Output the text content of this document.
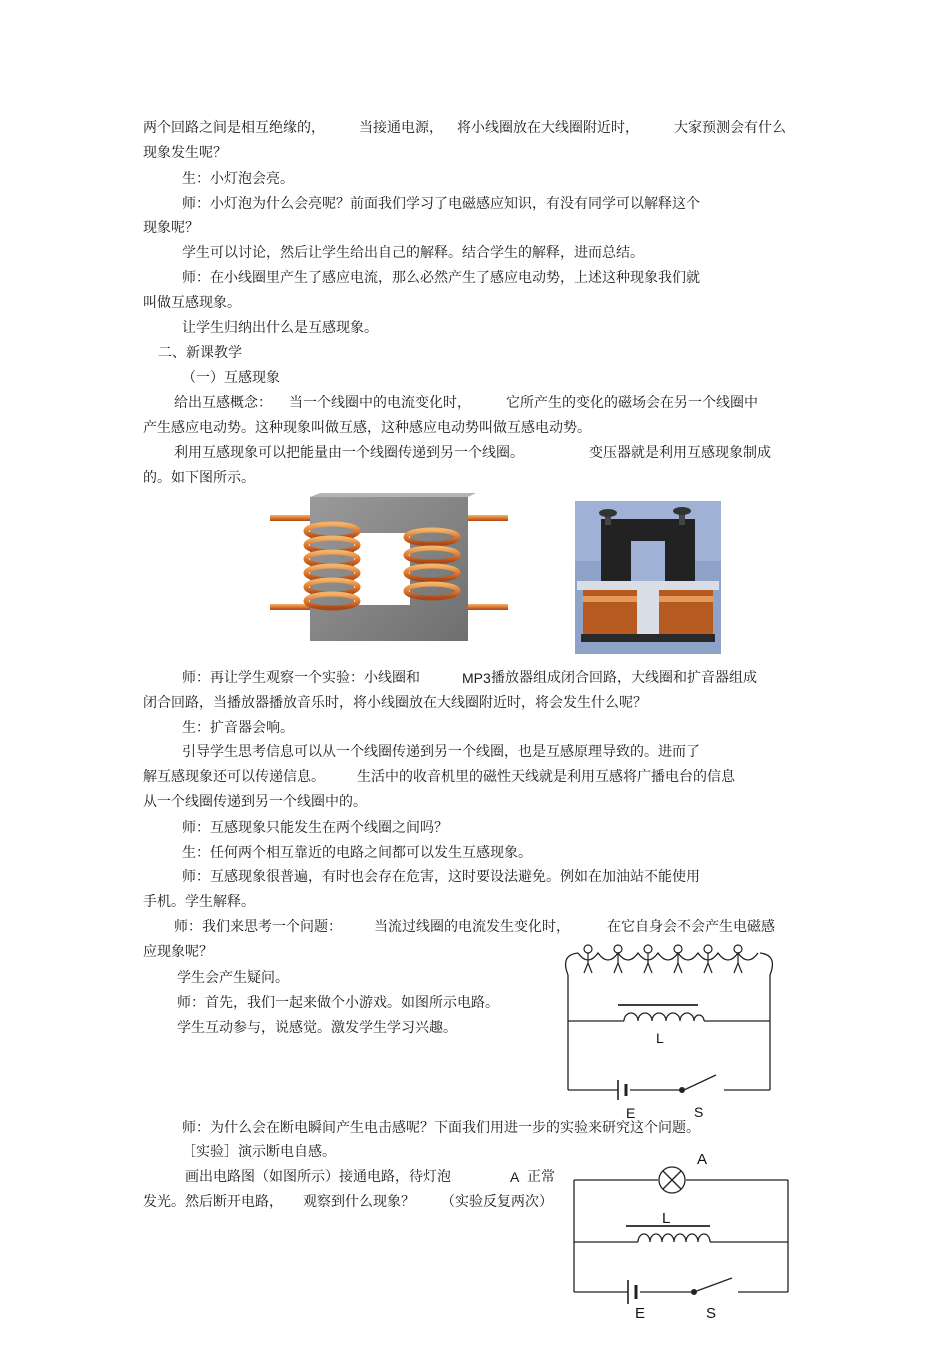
两个回路之间是相互绝缘的， 当接通电源， 将小线圈放在大线圈附近时，	大家预测会有什么
现象发生呢？
生：小灯泡会亮。
师：小灯泡为什么会亮呢？前面我们学习了电磁感应知识，有没有同学可以解释这个
现象呢？
学生可以讨论，然后让学生给出自己的解释。结合学生的解释，进而总结。
师：在小线圈里产生了感应电流，那么必然产生了感应电动势，上述这种现象我们就
叫做互感现象。
让学生归纳出什么是互感现象。
二、新课教学
（一）互感现象
给出互感概念： 当一个线圈中的电流变化时，	它所产生的变化的磁场会在另一个线圈中
产生感应电动势。这种现象叫做互感，这种感应电动势叫做互感电动势。
利用互感现象可以把能量由一个线圈传递到另一个线圈。	变压器就是利用互感现象制成
的。如下图所示。
师：再让学生观察一个实验：小线圈和	MP3 播放器组成闭合回路，大线圈和扩音器组成
闭合回路，当播放器播放音乐时，将小线圈放在大线圈附近时，将会发生什么呢？
生：扩音器会响。
引导学生思考信息可以从一个线圈传递到另一个线圈，也是互感原理导致的。进而了
解互感现象还可以传递信息。 生活中的收音机里的磁性天线就是利用互感将广播电台的信息
从一个线圈传递到另一个线圈中的。
师：互感现象只能发生在两个线圈之间吗？
生：任何两个相互靠近的电路之间都可以发生互感现象。
师：互感现象很普遍，有时也会存在危害，这时要设法避免。例如在加油站不能使用
手机。学生解释。
师：我们来思考一个问题： 当流过线圈的电流发生变化时，	在它自身会不会产生电磁感
应现象呢？
学生会产生疑问。
师：首先，我们一起来做个小游戏。如图所示电路。
学生互动参与，说感觉。激发学生学习兴趣。
L
E	S
师：为什么会在断电瞬间产生电击感呢？下面我们用进一步的实验来研究这个问题。
［实验］演示断电自感。
画出电路图（如图所示）接通电路，待灯泡	A 正常
发光。然后断开电路， 观察到什么现象？ （实验反复两次）
A
L
E	S
